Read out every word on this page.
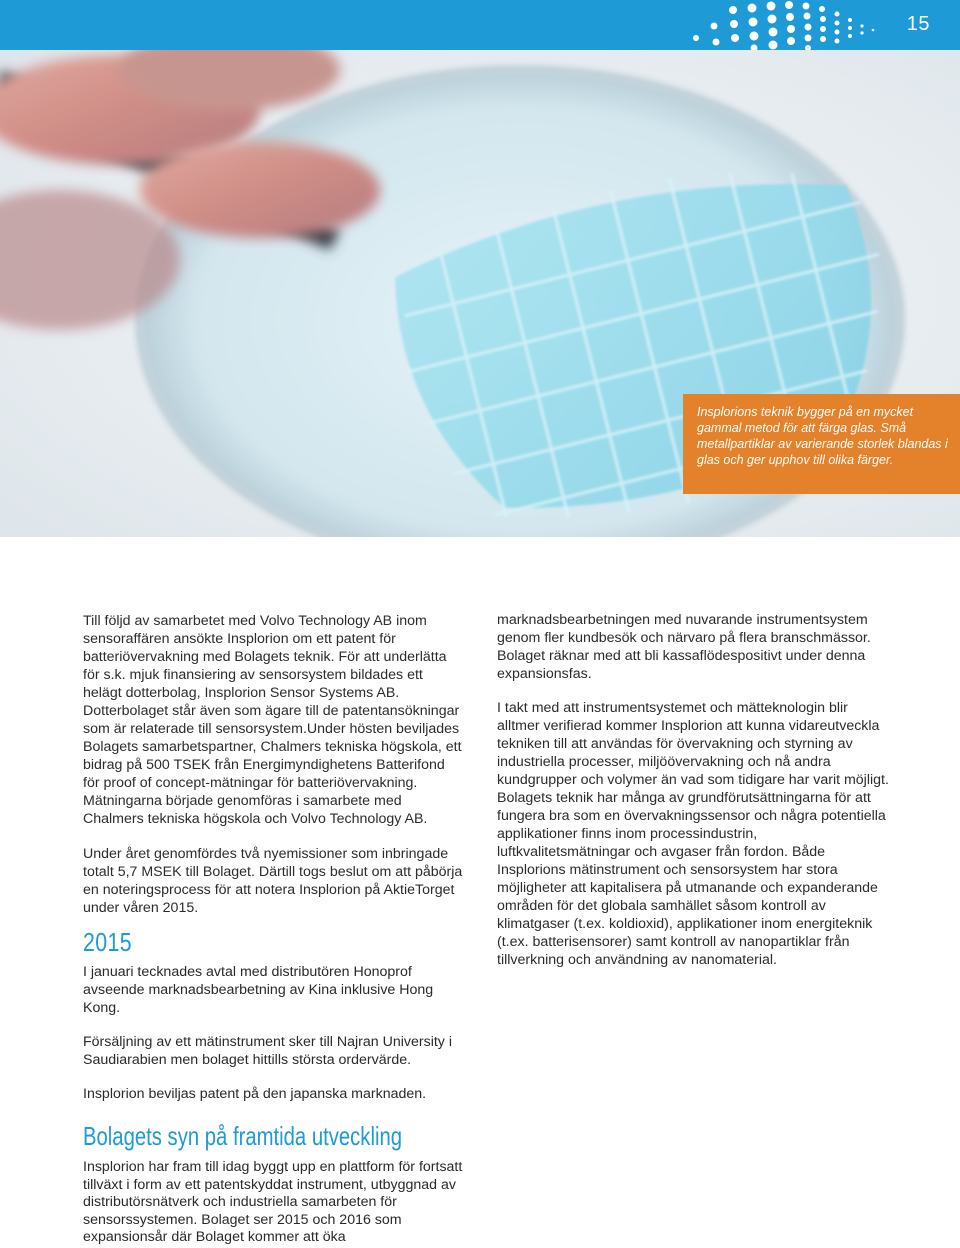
15
Insplorions teknik bygger på en mycket gammal metod för att färga glas. Små metallpartiklar av varierande storlek blandas i glas och ger upphov till olika färger.

Till följd av samarbetet med Volvo Technology AB inom sensoraffären ansökte Insplorion om ett patent för batteriövervakning med Bolagets teknik. För att underlätta för s.k. mjuk finansiering av sensorsystem bildades ett helägt dotterbolag, Insplorion Sensor Systems AB. Dotterbolaget står även som ägare till de patentansökningar som är relaterade till sensorsystem.Under hösten beviljades Bolagets samarbetspartner, Chalmers tekniska högskola, ett bidrag på 500 TSEK från Energimyndighetens Batterifond för proof of concept-mätningar för batteriövervakning. Mätningarna började genomföras i samarbete med Chalmers tekniska högskola och Volvo Technology AB.

Under året genomfördes två nyemissioner som inbringade totalt 5,7 MSEK till Bolaget. Därtill togs beslut om att påbörja en noteringsprocess för att notera Insplorion på AktieTorget under våren 2015.

2015

I januari tecknades avtal med distributören Honoprof avseende marknadsbearbetning av Kina inklusive Hong Kong.

Försäljning av ett mätinstrument sker till Najran University i Saudiarabien men bolaget hittills största ordervärde.

Insplorion beviljas patent på den japanska marknaden.

Bolagets syn på framtida utveckling

Insplorion har fram till idag byggt upp en plattform för fortsatt tillväxt i form av ett patentskyddat instrument, utbyggnad av distributörsnätverk och industriella samarbeten för sensorssystemen. Bolaget ser 2015 och 2016 som expansionsår där Bolaget kommer att öka

marknadsbearbetningen med nuvarande instrumentsystem genom fler kundbesök och närvaro på flera branschmässor. Bolaget räknar med att bli kassaflödespositivt under denna expansionsfas.

I takt med att instrumentsystemet och mätteknologin blir alltmer verifierad kommer Insplorion att kunna vidareutveckla tekniken till att användas för övervakning och styrning av industriella processer, miljöövervakning och nå andra kundgrupper och volymer än vad som tidigare har varit möjligt. Bolagets teknik har många av grundförutsättningarna för att fungera bra som en övervakningssensor och några potentiella applikationer finns inom processindustrin, luftkvalitetsmätningar och avgaser från fordon. Både Insplorions mätinstrument och sensorsystem har stora möjligheter att kapitalisera på utmanande och expanderande områden för det globala samhället såsom kontroll av klimatgaser (t.ex. koldioxid), applikationer inom energiteknik (t.ex. batterisensorer) samt kontroll av nanopartiklar från tillverkning och användning av nanomaterial.
